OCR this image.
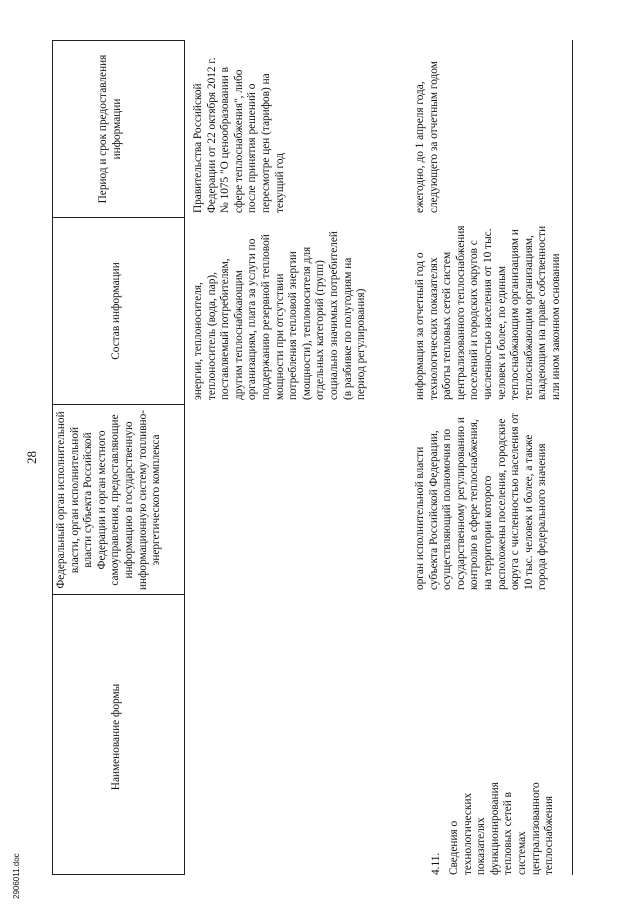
28
Наименование формы
Федеральный орган исполнительной власти, орган исполнительной власти субъекта Российской Федерации и орган местного самоуправления, предоставляющие информацию в государственную информационную систему топливно-энергетического комплекса
Состав информации
Период и срок предоставления информации
энергии, теплоносителя, теплоноситель (вода, пар), поставляемый потребителям, другим теплоснабжающим организациям, плата за услуги по поддержанию резервной тепловой мощности при отсутствии потребления тепловой энергии (мощности), теплоносителя для отдельных категорий (групп) социально значимых потребителей (в разбивке по полугодиям на период регулирования)
Правительства Российской Федерации от 22 октября 2012 г. № 1075 "О ценообразовании в сфере теплоснабжения", либо после принятия решений о пересмотре цен (тарифов) на текущий год
4.11. Сведения о технологических показателях функционирования тепловых сетей в системах централизованного теплоснабжения
орган исполнительной власти субъекта Российской Федерации, осуществляющий полномочия по государственному регулированию и контролю в сфере теплоснабжения, на территории которого расположены поселения, городские округа с численностью населения от 10 тыс. человек и более, а также города федерального значения
информация за отчетный год о технологических показателях работы тепловых сетей систем централизованного теплоснабжения поселений и городских округов с численностью населения от 10 тыс. человек и более, по единым теплоснабжающим организациям и теплоснабжающим организациям, владеющим на праве собственности или ином законном основании
ежегодно, до 1 апреля года, следующего за отчетным годом
2906011.doc
